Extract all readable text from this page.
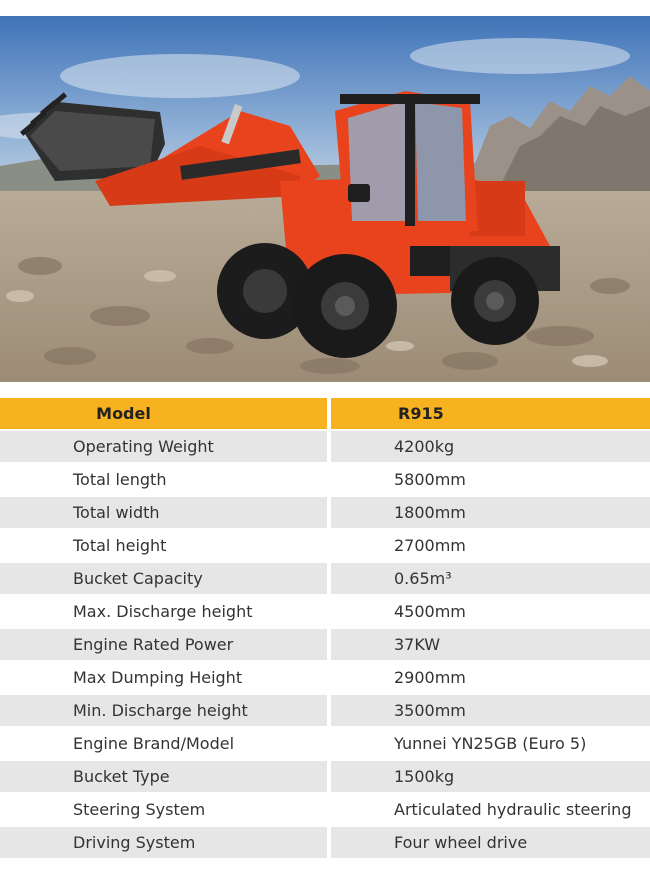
Model	R915
Operating Weight	4200kg
Total length	5800mm
Total width	1800mm
Total height	2700mm
Bucket Capacity	0.65m³
Max. Discharge height	4500mm
Engine Rated Power	37KW
Max Dumping Height	2900mm
Min. Discharge height	3500mm
Engine Brand/Model	Yunnei YN25GB (Euro 5)
Bucket Type	1500kg
Steering System	Articulated hydraulic steering
Driving System	Four wheel drive
